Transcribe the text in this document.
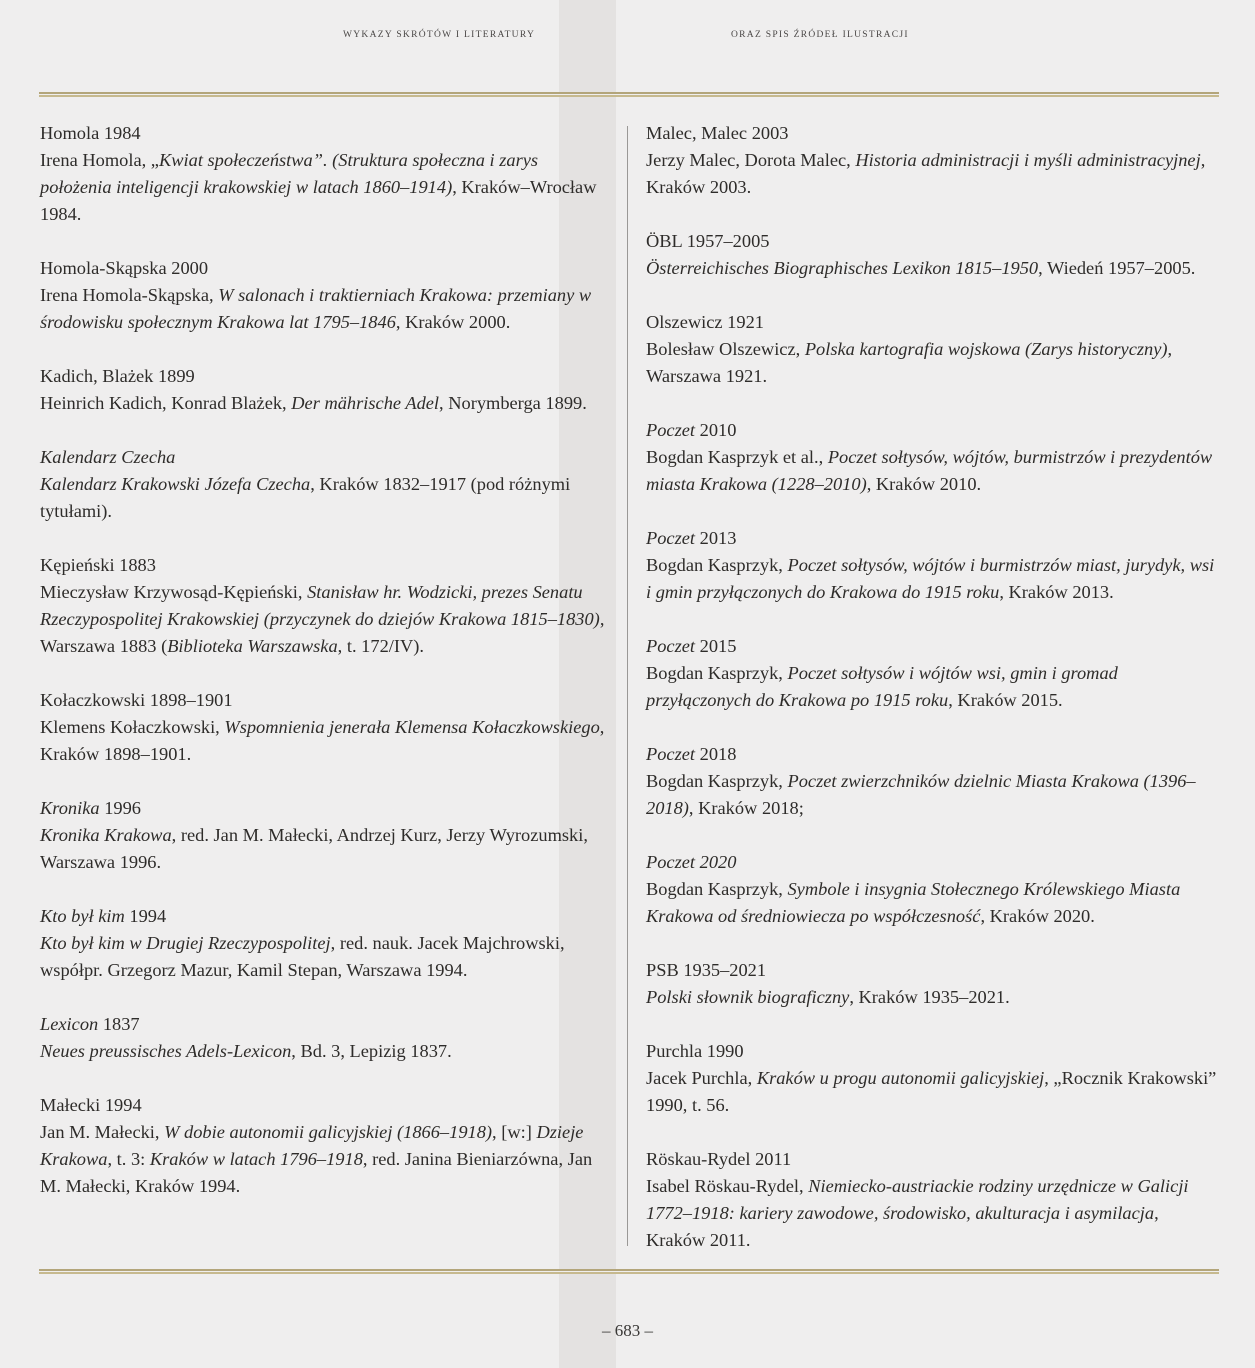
WYKAZY SKRÓTÓW I LITERATURY	ORAZ SPIS ŹRÓDEŁ ILUSTRACJI
Homola 1984
Irena Homola, „Kwiat społeczeństwa”. (Struktura społeczna i zarys położenia inteligencji krakowskiej w latach 1860–1914), Kraków–Wrocław 1984.
Homola-Skąpska 2000
Irena Homola-Skąpska, W salonach i traktierniach Krakowa: przemiany w środowisku społecznym Krakowa lat 1795–1846, Kraków 2000.
Kadich, Blażek 1899
Heinrich Kadich, Konrad Blażek, Der mährische Adel, Norymberga 1899.
Kalendarz Czecha
Kalendarz Krakowski Józefa Czecha, Kraków 1832–1917 (pod różnymi tytułami).
Kępieński 1883
Mieczysław Krzywosąd-Kępieński, Stanisław hr. Wodzicki, prezes Senatu Rzeczypospolitej Krakowskiej (przyczynek do dziejów Krakowa 1815–1830), Warszawa 1883 (Biblioteka Warszawska, t. 172/IV).
Kołaczkowski 1898–1901
Klemens Kołaczkowski, Wspomnienia jenerała Klemensa Kołaczkowskiego, Kraków 1898–1901.
Kronika 1996
Kronika Krakowa, red. Jan M. Małecki, Andrzej Kurz, Jerzy Wyrozumski, Warszawa 1996.
Kto był kim 1994
Kto był kim w Drugiej Rzeczypospolitej, red. nauk. Jacek Majchrowski, współpr. Grzegorz Mazur, Kamil Stepan, Warszawa 1994.
Lexicon 1837
Neues preussisches Adels-Lexicon, Bd. 3, Lepizig 1837.
Małecki 1994
Jan M. Małecki, W dobie autonomii galicyjskiej (1866–1918), [w:] Dzieje Krakowa, t. 3: Kraków w latach 1796–1918, red. Janina Bieniarzówna, Jan M. Małecki, Kraków 1994.
Malec, Malec 2003
Jerzy Malec, Dorota Malec, Historia administracji i myśli administracyjnej, Kraków 2003.
ÖBL 1957–2005
Österreichisches Biographisches Lexikon 1815–1950, Wiedeń 1957–2005.
Olszewicz 1921
Bolesław Olszewicz, Polska kartografia wojskowa (Zarys historyczny), Warszawa 1921.
Poczet 2010
Bogdan Kasprzyk et al., Poczet sołtysów, wójtów, burmistrzów i prezydentów miasta Krakowa (1228–2010), Kraków 2010.
Poczet 2013
Bogdan Kasprzyk, Poczet sołtysów, wójtów i burmistrzów miast, jurydyk, wsi i gmin przyłączonych do Krakowa do 1915 roku, Kraków 2013.
Poczet 2015
Bogdan Kasprzyk, Poczet sołtysów i wójtów wsi, gmin i gromad przyłączonych do Krakowa po 1915 roku, Kraków 2015.
Poczet 2018
Bogdan Kasprzyk, Poczet zwierzchników dzielnic Miasta Krakowa (1396–2018), Kraków 2018;
Poczet 2020
Bogdan Kasprzyk, Symbole i insygnia Stołecznego Królewskiego Miasta Krakowa od średniowiecza po współczesność, Kraków 2020.
PSB 1935–2021
Polski słownik biograficzny, Kraków 1935–2021.
Purchla 1990
Jacek Purchla, Kraków u progu autonomii galicyjskiej, „Rocznik Krakowski” 1990, t. 56.
Röskau-Rydel 2011
Isabel Röskau-Rydel, Niemiecko-austriackie rodziny urzędnicze w Galicji 1772–1918: kariery zawodowe, środowisko, akulturacja i asymilacja, Kraków 2011.
– 683 –
